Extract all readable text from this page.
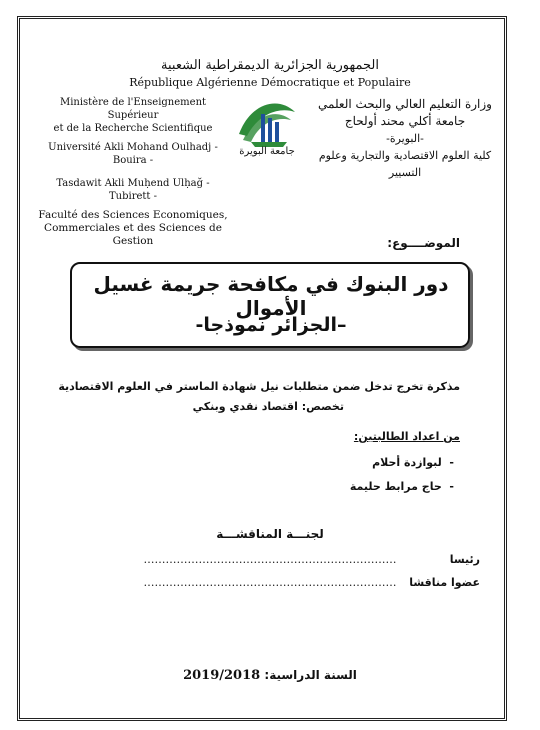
الجمهورية الجزائرية الديمقراطية الشعبية
République Algérienne Démocratique et Populaire
Ministère de l'Enseignement Supérieur
et de la Recherche Scientifique
Université Akli Mohand Oulhadj - Bouira -
Tasdawit Akli Muḥend Ulḥağ - Tubirett -
Faculté des Sciences Economiques,
Commerciales et des Sciences de Gestion
وزارة التعليم العالي والبحث العلمي
جامعة أكلي محند أولحاج
-البويرة-
كلية العلوم الاقتصادية والتجارية وعلوم التسيير
جامعة البويرة
الموضــــوع:
دور البنوك في مكافحة جريمة غسيل الأموال
–الجزائر نموذجا-
مذكرة تخرج تدخل ضمن متطلبات نيل شهادة الماستر في العلوم الاقتصادية
تخصص: اقتصاد نقدي وبنكي
من اعداد الطالبتين:
-  لبوازدة أحلام
-  حاج مرابط حليمة
لجنـــة المناقشـــة
رئيسا ……………………………………………………………
عضوا مناقشا ……………………………………………………………
السنة الدراسية: 2019/2018
